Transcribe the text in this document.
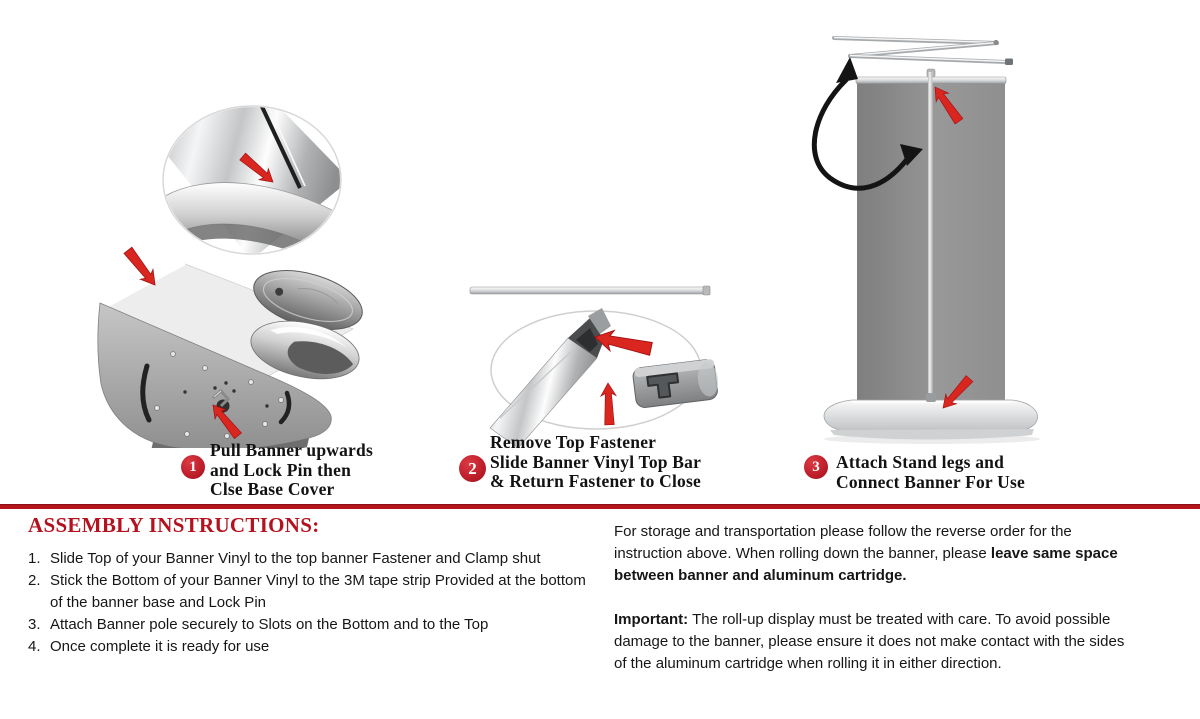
1
Pull Banner upwards
and Lock Pin then
Clse Base Cover
2
Remove Top Fastener
Slide Banner Vinyl Top Bar
& Return Fastener to Close
3 Attach Stand legs and
Connect Banner For Use
ASSEMBLY INSTRUCTIONS:
1. Slide Top of your Banner Vinyl to the top banner Fastener and Clamp shut
2. Stick the Bottom of your Banner Vinyl to the 3M tape strip Provided at the bottom of the banner base and Lock Pin
3. Attach Banner pole securely to Slots on the Bottom and to the Top
4. Once complete it is ready for use

For storage and transportation please follow the reverse order for the instruction above. When rolling down the banner, please leave same space between banner and aluminum cartridge.

Important: The roll-up display must be treated with care. To avoid possible damage to the banner, please ensure it does not make contact with the sides of the aluminum cartridge when rolling it in either direction.
